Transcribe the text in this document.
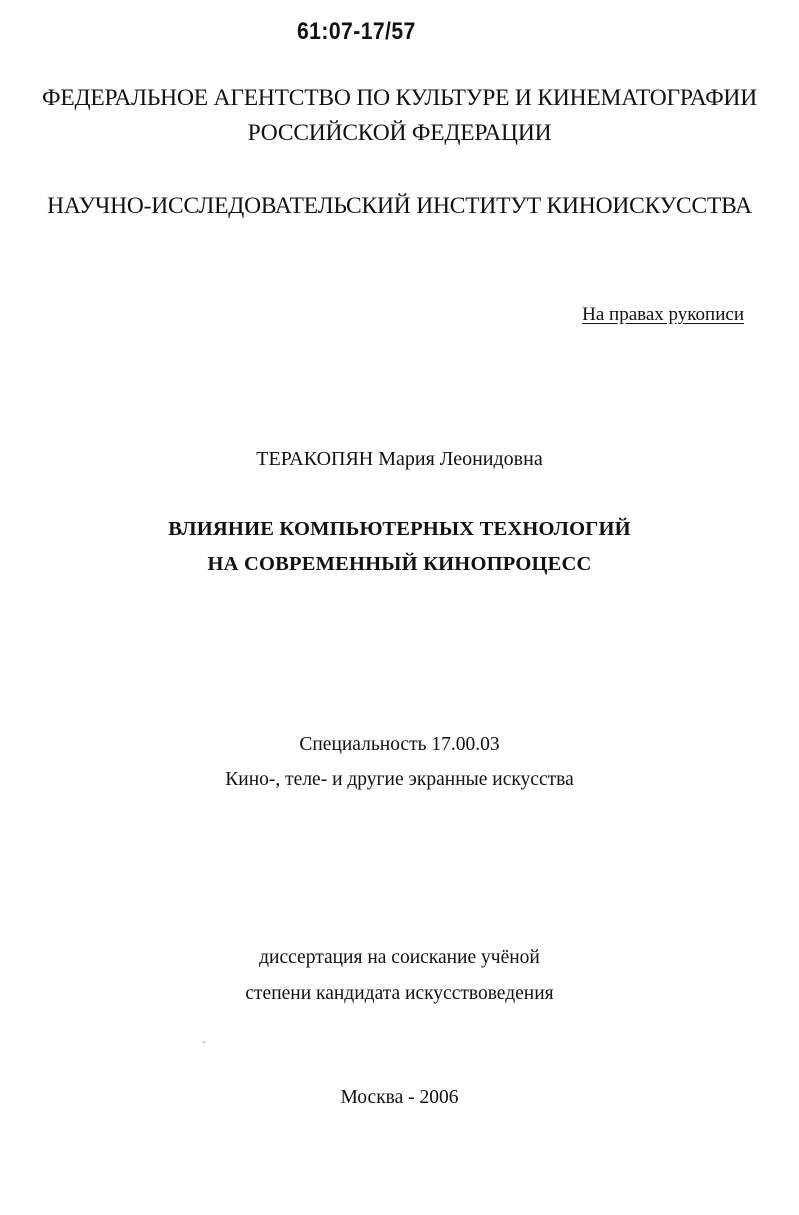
61:07-17/57

ФЕДЕРАЛЬНОЕ АГЕНТСТВО ПО КУЛЬТУРЕ И КИНЕМАТОГРАФИИ

РОССИЙСКОЙ ФЕДЕРАЦИИ

НАУЧНО-ИССЛЕДОВАТЕЛЬСКИЙ ИНСТИТУТ КИНОИСКУССТВА

На правах рукописи

ТЕРАКОПЯН Мария Леонидовна

ВЛИЯНИЕ КОМПЬЮТЕРНЫХ ТЕХНОЛОГИЙ

НА СОВРЕМЕННЫЙ КИНОПРОЦЕСС

Специальность 17.00.03

Кино-, теле- и другие экранные искусства

диссертация на соискание учёной

степени кандидата искусствоведения

Москва - 2006
